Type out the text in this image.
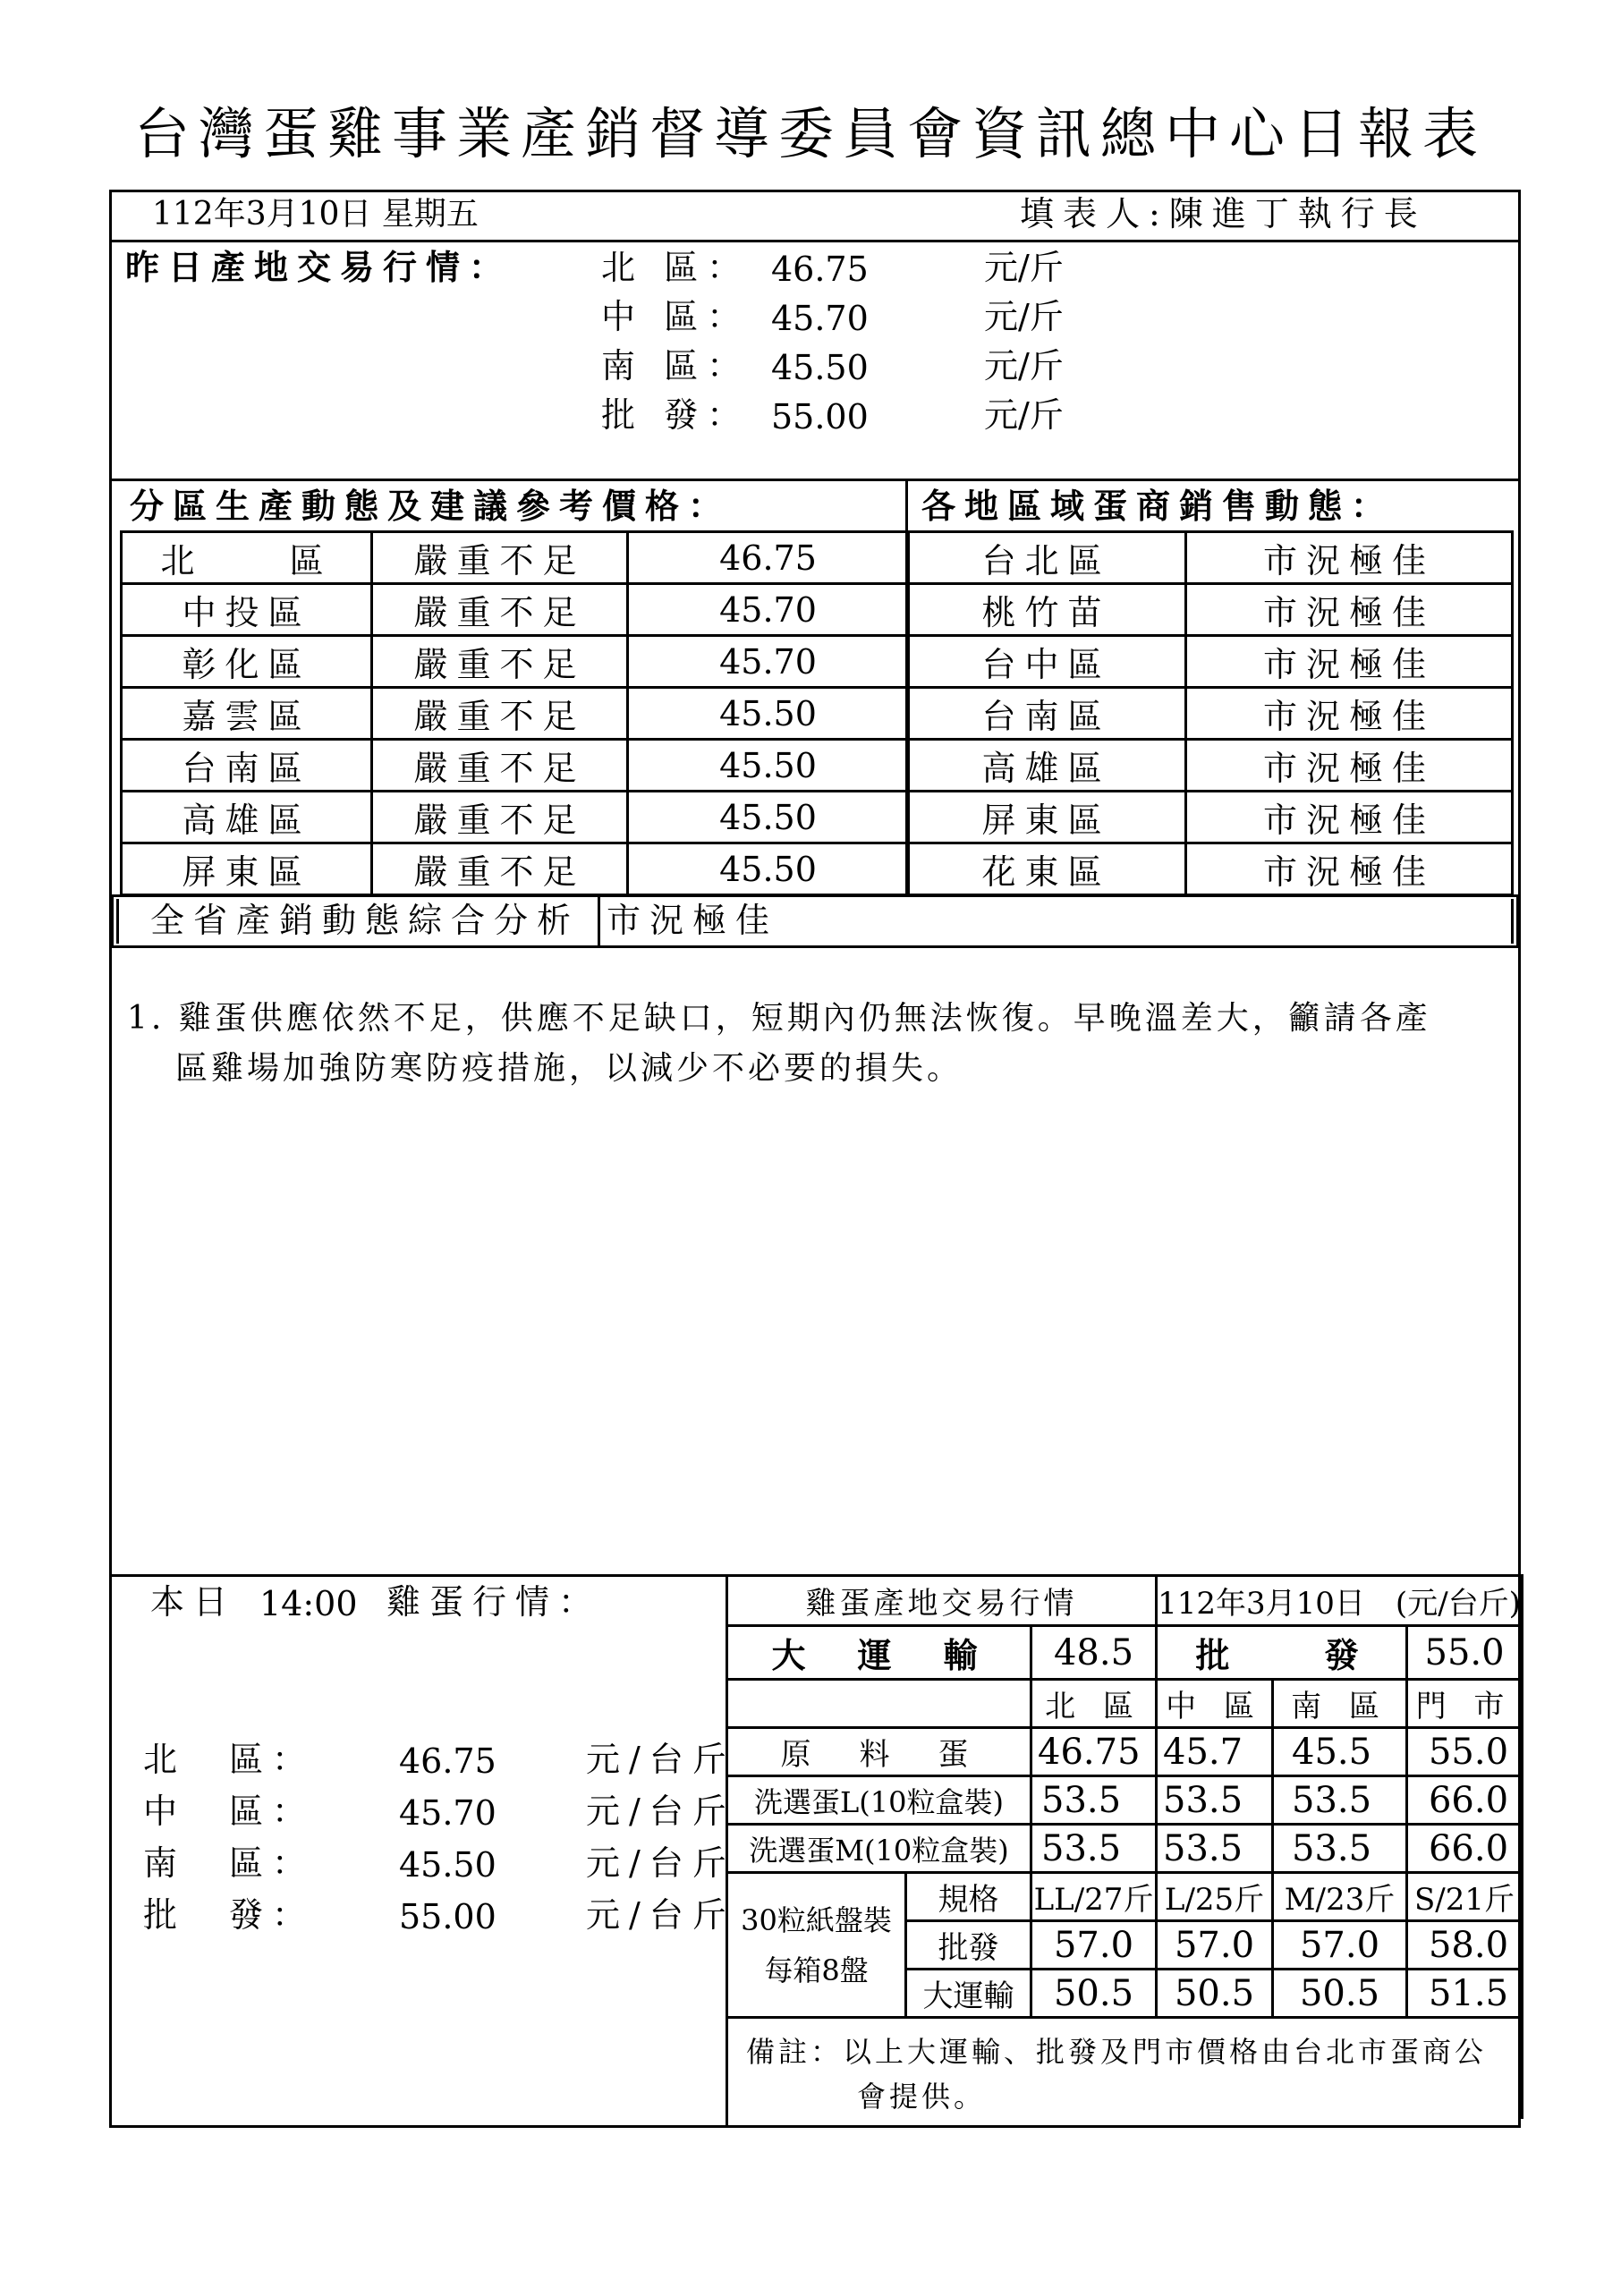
台灣蛋雞事業產銷督導委員會資訊總中心日報表
112年3月10日 星期五	填表人:陳進丁執行長
昨日產地交易行情：	北 區： 46.75	元/斤
中 區： 45.70	元/斤
南 區： 45.50	元/斤
批 發： 55.00	元/斤
分區生產動態及建議參考價格：	各地區域蛋商銷售動態：
北　　區	嚴重不足	46.75
中投區	嚴重不足	45.70
彰化區	嚴重不足	45.70
嘉雲區	嚴重不足	45.50
台南區	嚴重不足	45.50
高雄區	嚴重不足	45.50
屏東區	嚴重不足	45.50
台北區	市況極佳
桃竹苗	市況極佳
台中區	市況極佳
台南區	市況極佳
高雄區	市況極佳
屏東區	市況極佳
花東區	市況極佳
全省產銷動態綜合分析 市況極佳
1. 雞蛋供應依然不足，供應不足缺口，短期內仍無法恢復。早晚溫差大，籲請各產
區雞場加強防寒防疫措施，以減少不必要的損失。
本日 14:00 雞蛋行情：
北　區： 46.75	元/台斤
中　區： 45.70	元/台斤
南　區： 45.50	元/台斤
批　發： 55.00	元/台斤
雞蛋產地交易行情			112年3月10日　(元/台斤)		
大　運　輸		48.5	批　　發		55.0
		北 區	中 區	南 區	門 市
原　料　蛋		46.75	45.7	45.5	55.0
洗選蛋L(10粒盒裝)		53.5	53.5	53.5	66.0
洗選蛋M(10粒盒裝)		53.5	53.5	53.5	66.0

30粒紙盤裝
每箱8盤	規格	LL/27斤	L/25斤	M/23斤	S/21斤
	批發	57.0	57.0	57.0	58.0
	大運輸	50.5	50.5	50.5	51.5

備註：以上大運輸、批發及門市價格由台北市蛋商公
會提供。					
